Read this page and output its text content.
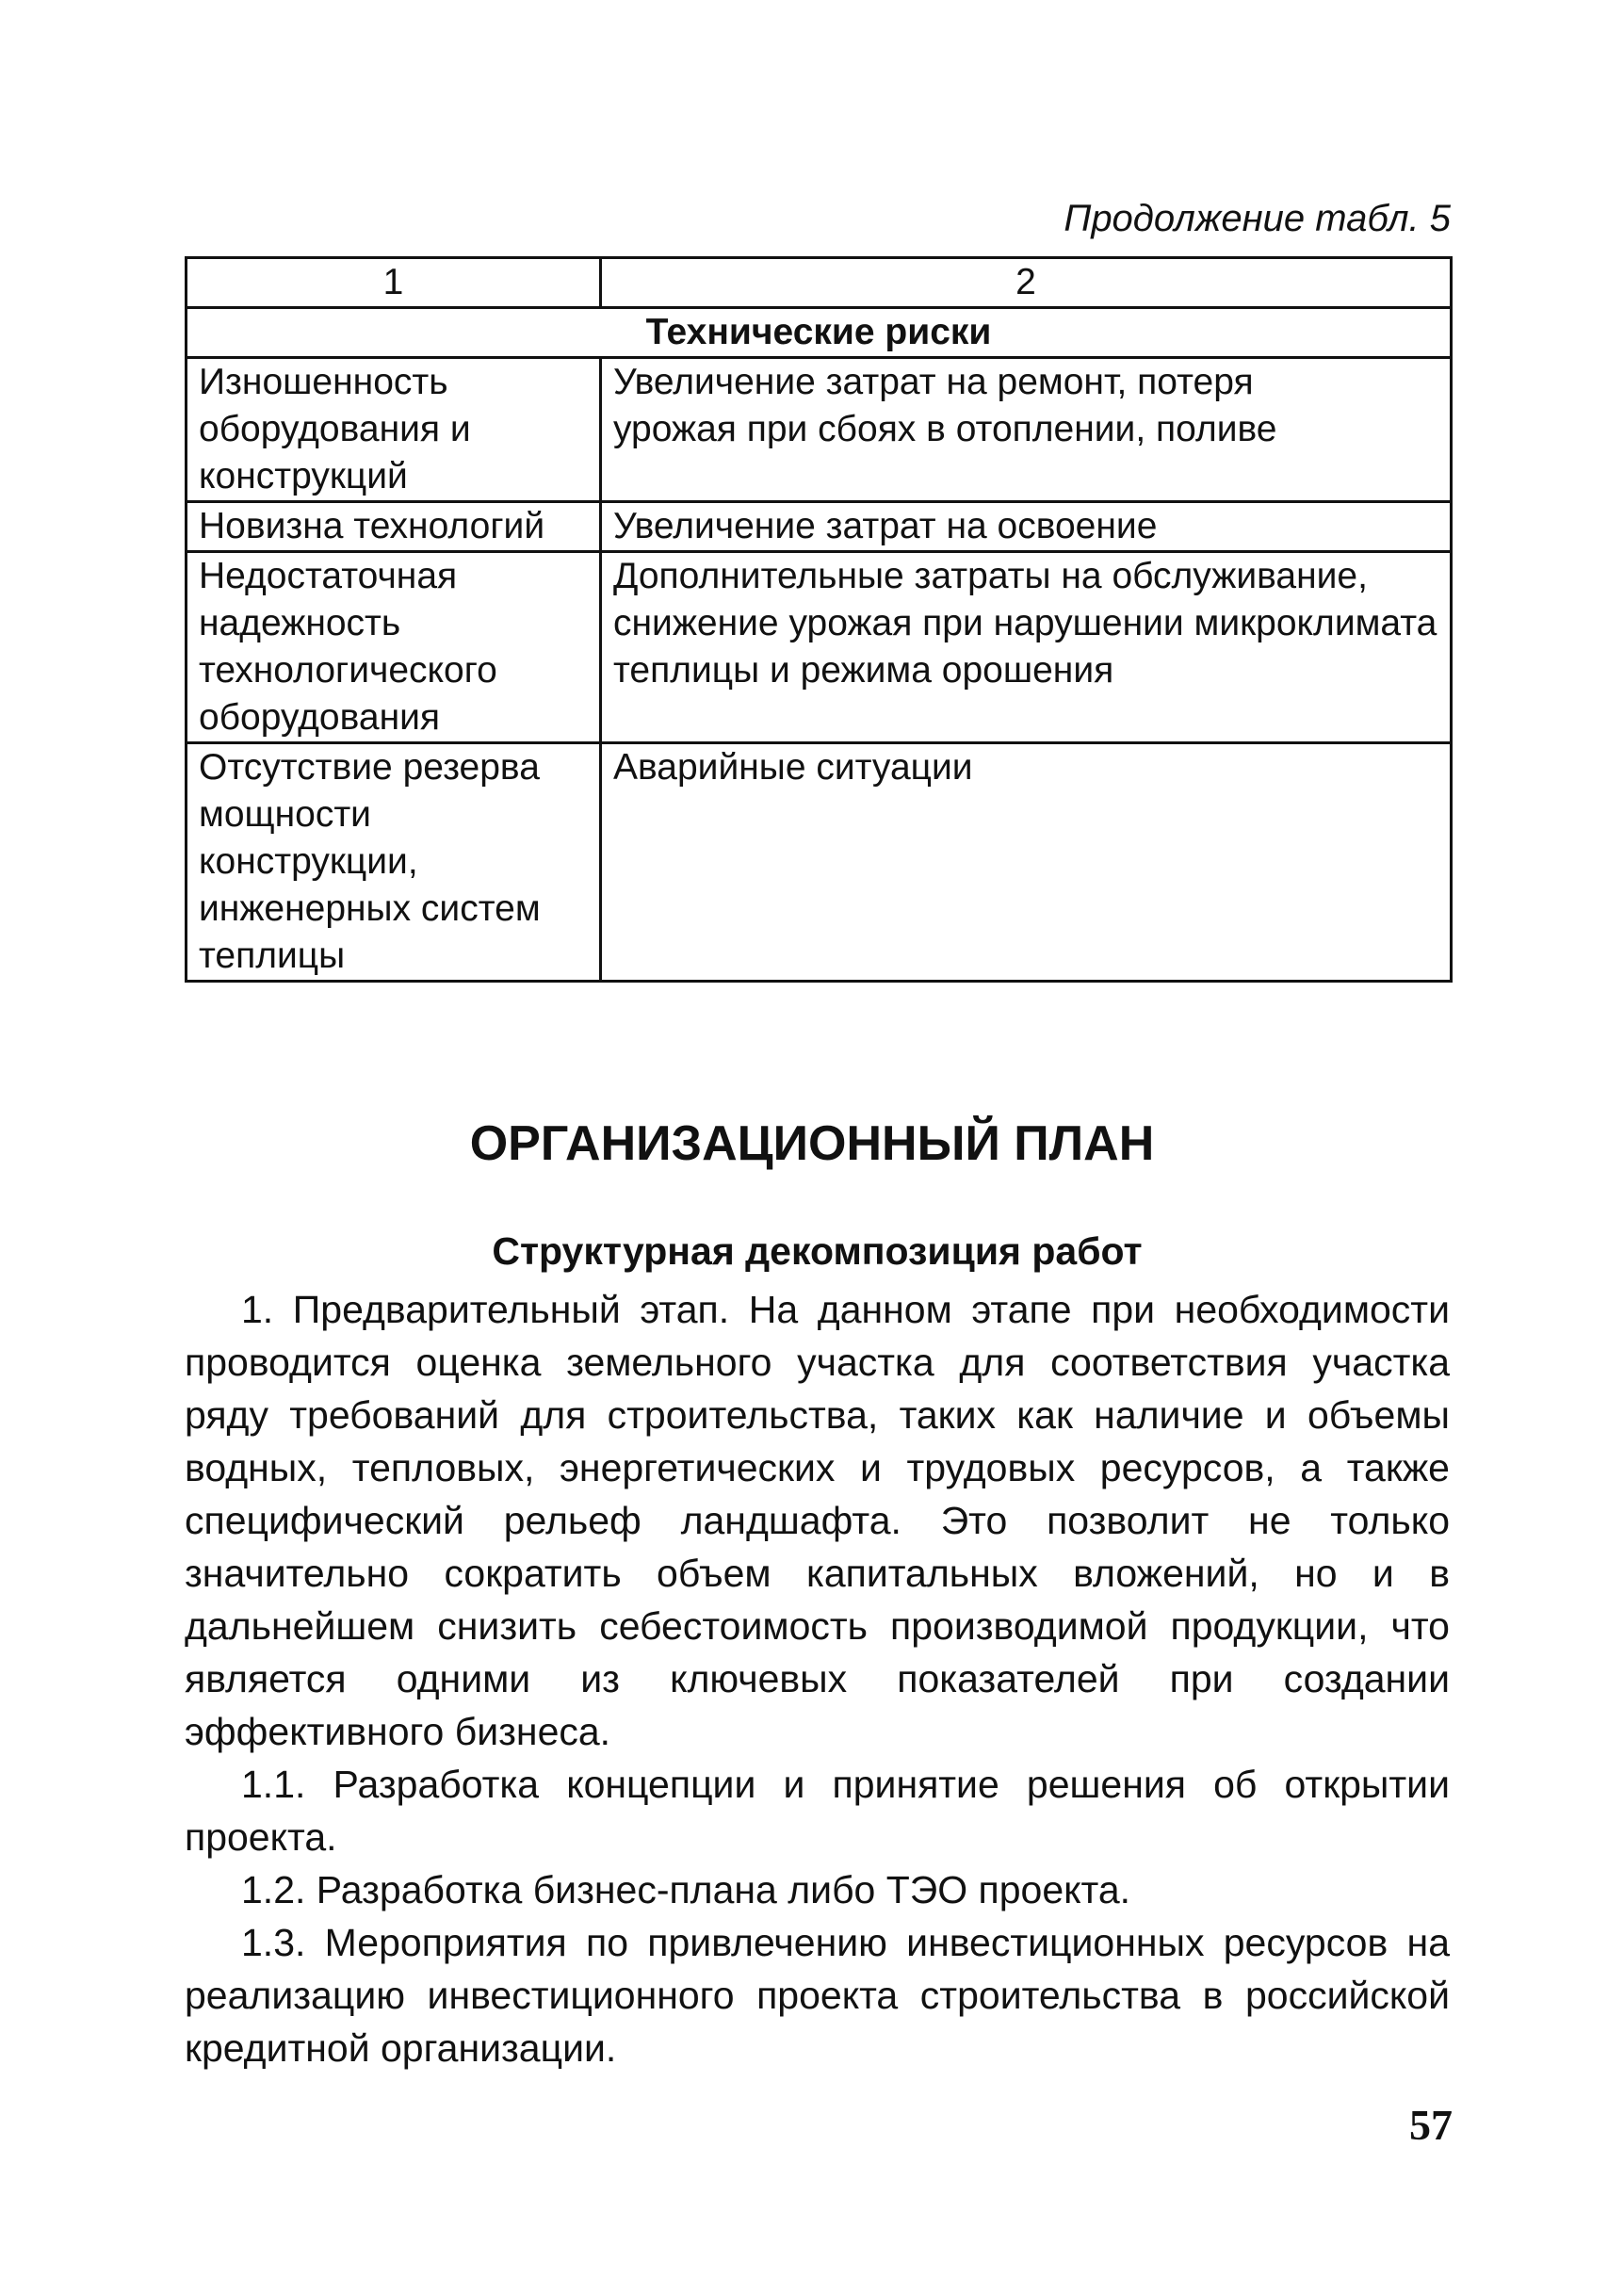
Продолжение табл. 5
1	2
Технические риски	
Изношенность оборудования и конструкций	Увеличение затрат на ремонт, потеря урожая при сбоях в отоплении, поливе
Новизна технологий	Увеличение затрат на освоение
Недостаточная надежность технологического оборудования	Дополнительные затраты на обслуживание, снижение урожая при нарушении микроклимата теплицы и режима орошения
Отсутствие резерва мощности конструкции, инженерных систем теплицы	Аварийные ситуации
ОРГАНИЗАЦИОННЫЙ ПЛАН
Структурная декомпозиция работ

1. Предварительный этап. На данном этапе при необходимости проводится оценка земельного участка для соответствия участка ряду требований для строительства, таких как наличие и объемы водных, тепловых, энергетических и трудовых ресурсов, а также специфический рельеф ландшафта. Это позволит не только значительно сократить объем капитальных вложений, но и в дальнейшем снизить себестоимость производимой продукции, что является одними из ключевых показателей при создании эффективного бизнеса.

1.1. Разработка концепции и принятие решения об открытии проекта.

1.2. Разработка бизнес-плана либо ТЭО проекта.

1.3. Мероприятия по привлечению инвестиционных ресурсов на реализацию инвестиционного проекта строительства в российской кредитной организации.

57
